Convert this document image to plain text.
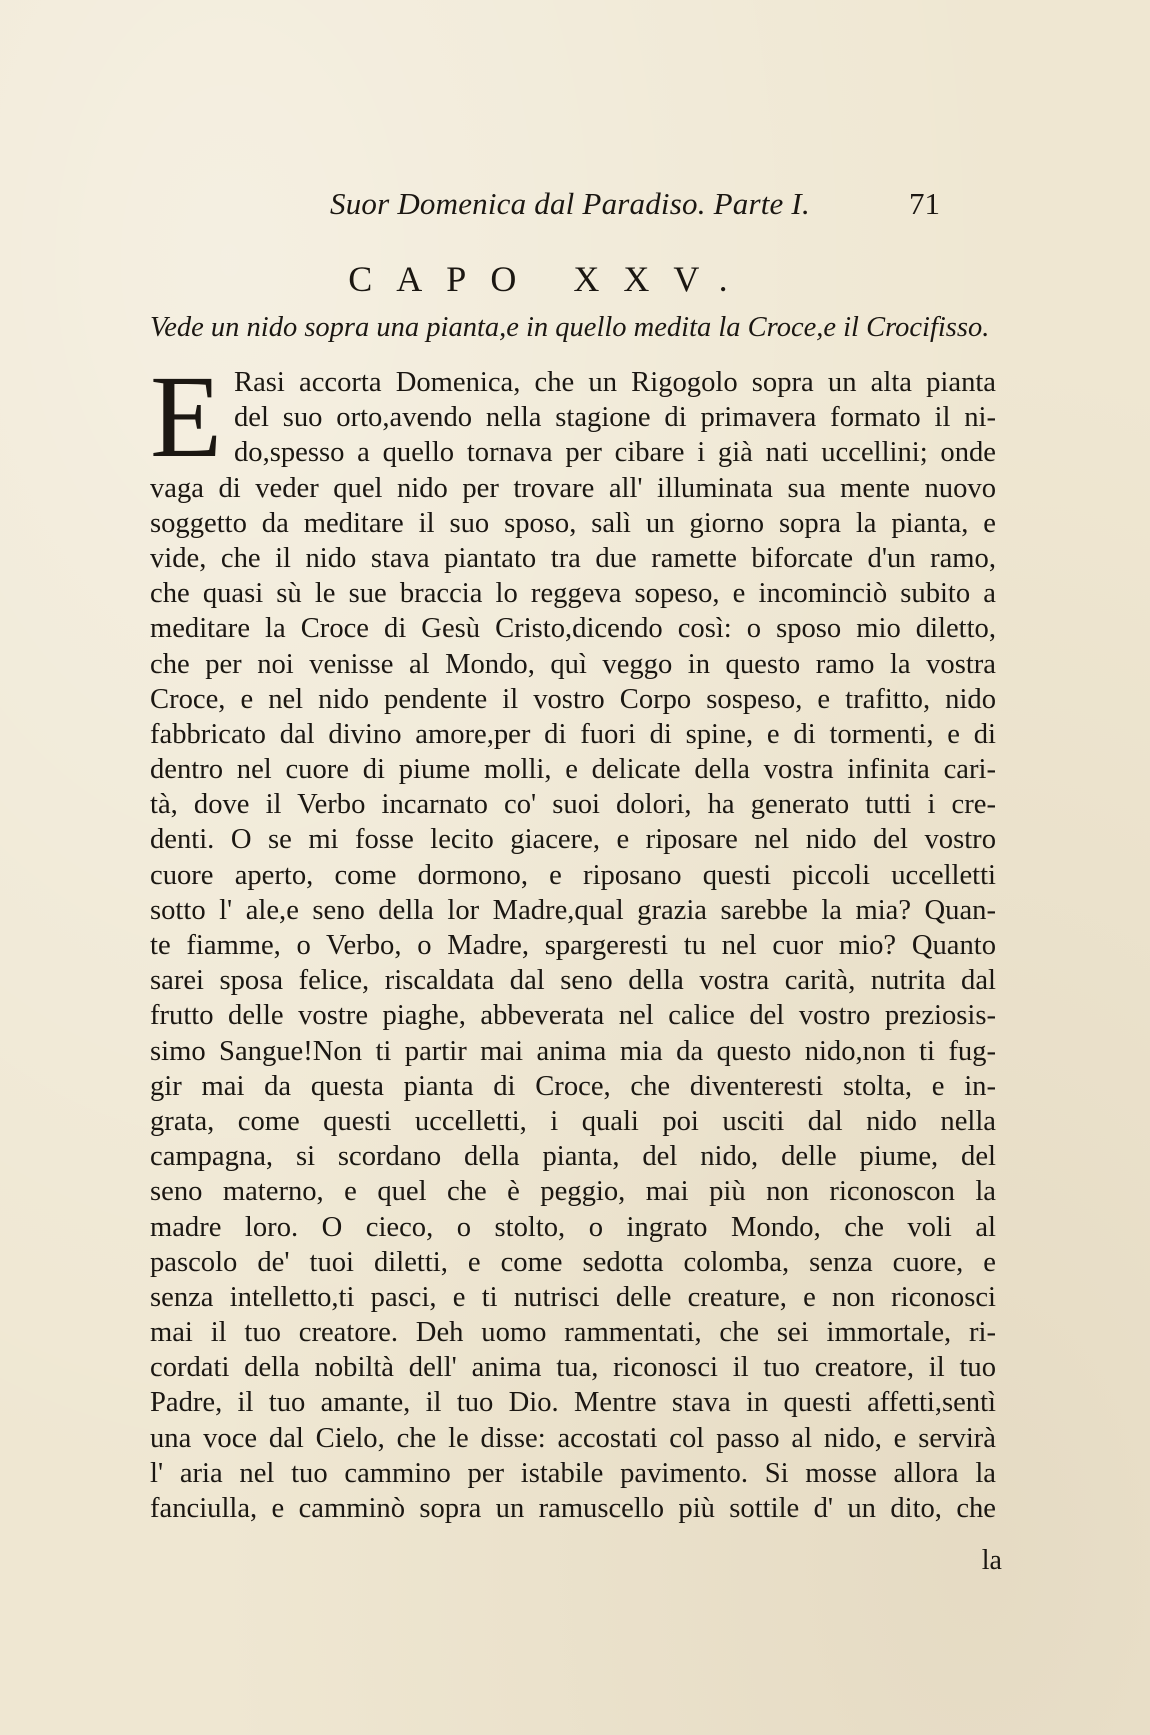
Suor Domenica dal Paradiso. Parte I.	71
CAPO XXV.
Vede un nido sopra una pianta,e in quello medita la Croce,e il Crocifisso.
E Rasi accorta Domenica, che un Rigogolo sopra un alta pianta
del suo orto,avendo nella stagione di primavera formato il ni-
do,spesso a quello tornava per cibare i già nati uccellini; onde
vaga di veder quel nido per trovare all' illuminata sua mente nuovo
soggetto da meditare il suo sposo, salì un giorno sopra la pianta, e
vide, che il nido stava piantato tra due ramette biforcate d'un ramo,
che quasi sù le sue braccia lo reggeva sopeso, e incominciò subito a
meditare la Croce di Gesù Cristo,dicendo così: o sposo mio diletto,
che per noi venisse al Mondo, quì veggo in questo ramo la vostra
Croce, e nel nido pendente il vostro Corpo sospeso, e trafitto, nido
fabbricato dal divino amore,per di fuori di spine, e di tormenti, e di
dentro nel cuore di piume molli, e delicate della vostra infinita cari-
tà, dove il Verbo incarnato co' suoi dolori, ha generato tutti i cre-
denti. O se mi fosse lecito giacere, e riposare nel nido del vostro
cuore aperto, come dormono, e riposano questi piccoli uccelletti
sotto l' ale,e seno della lor Madre,qual grazia sarebbe la mia? Quan-
te fiamme, o Verbo, o Madre, spargeresti tu nel cuor mio? Quanto
sarei sposa felice, riscaldata dal seno della vostra carità, nutrita dal
frutto delle vostre piaghe, abbeverata nel calice del vostro preziosis-
simo Sangue!Non ti partir mai anima mia da questo nido,non ti fug-
gir mai da questa pianta di Croce, che diventeresti stolta, e in-
grata, come questi uccelletti, i quali poi usciti dal nido nella
campagna, si scordano della pianta, del nido, delle piume, del
seno materno, e quel che è peggio, mai più non riconoscon la
madre loro. O cieco, o stolto, o ingrato Mondo, che voli al
pascolo de' tuoi diletti, e come sedotta colomba, senza cuore, e
senza intelletto,ti pasci, e ti nutrisci delle creature, e non riconosci
mai il tuo creatore. Deh uomo rammentati, che sei immortale, ri-
cordati della nobiltà dell' anima tua, riconosci il tuo creatore, il tuo
Padre, il tuo amante, il tuo Dio. Mentre stava in questi affetti,sentì
una voce dal Cielo, che le disse: accostati col passo al nido, e servirà
l' aria nel tuo cammino per istabile pavimento. Si mosse allora la
fanciulla, e camminò sopra un ramuscello più sottile d' un dito, che
la
